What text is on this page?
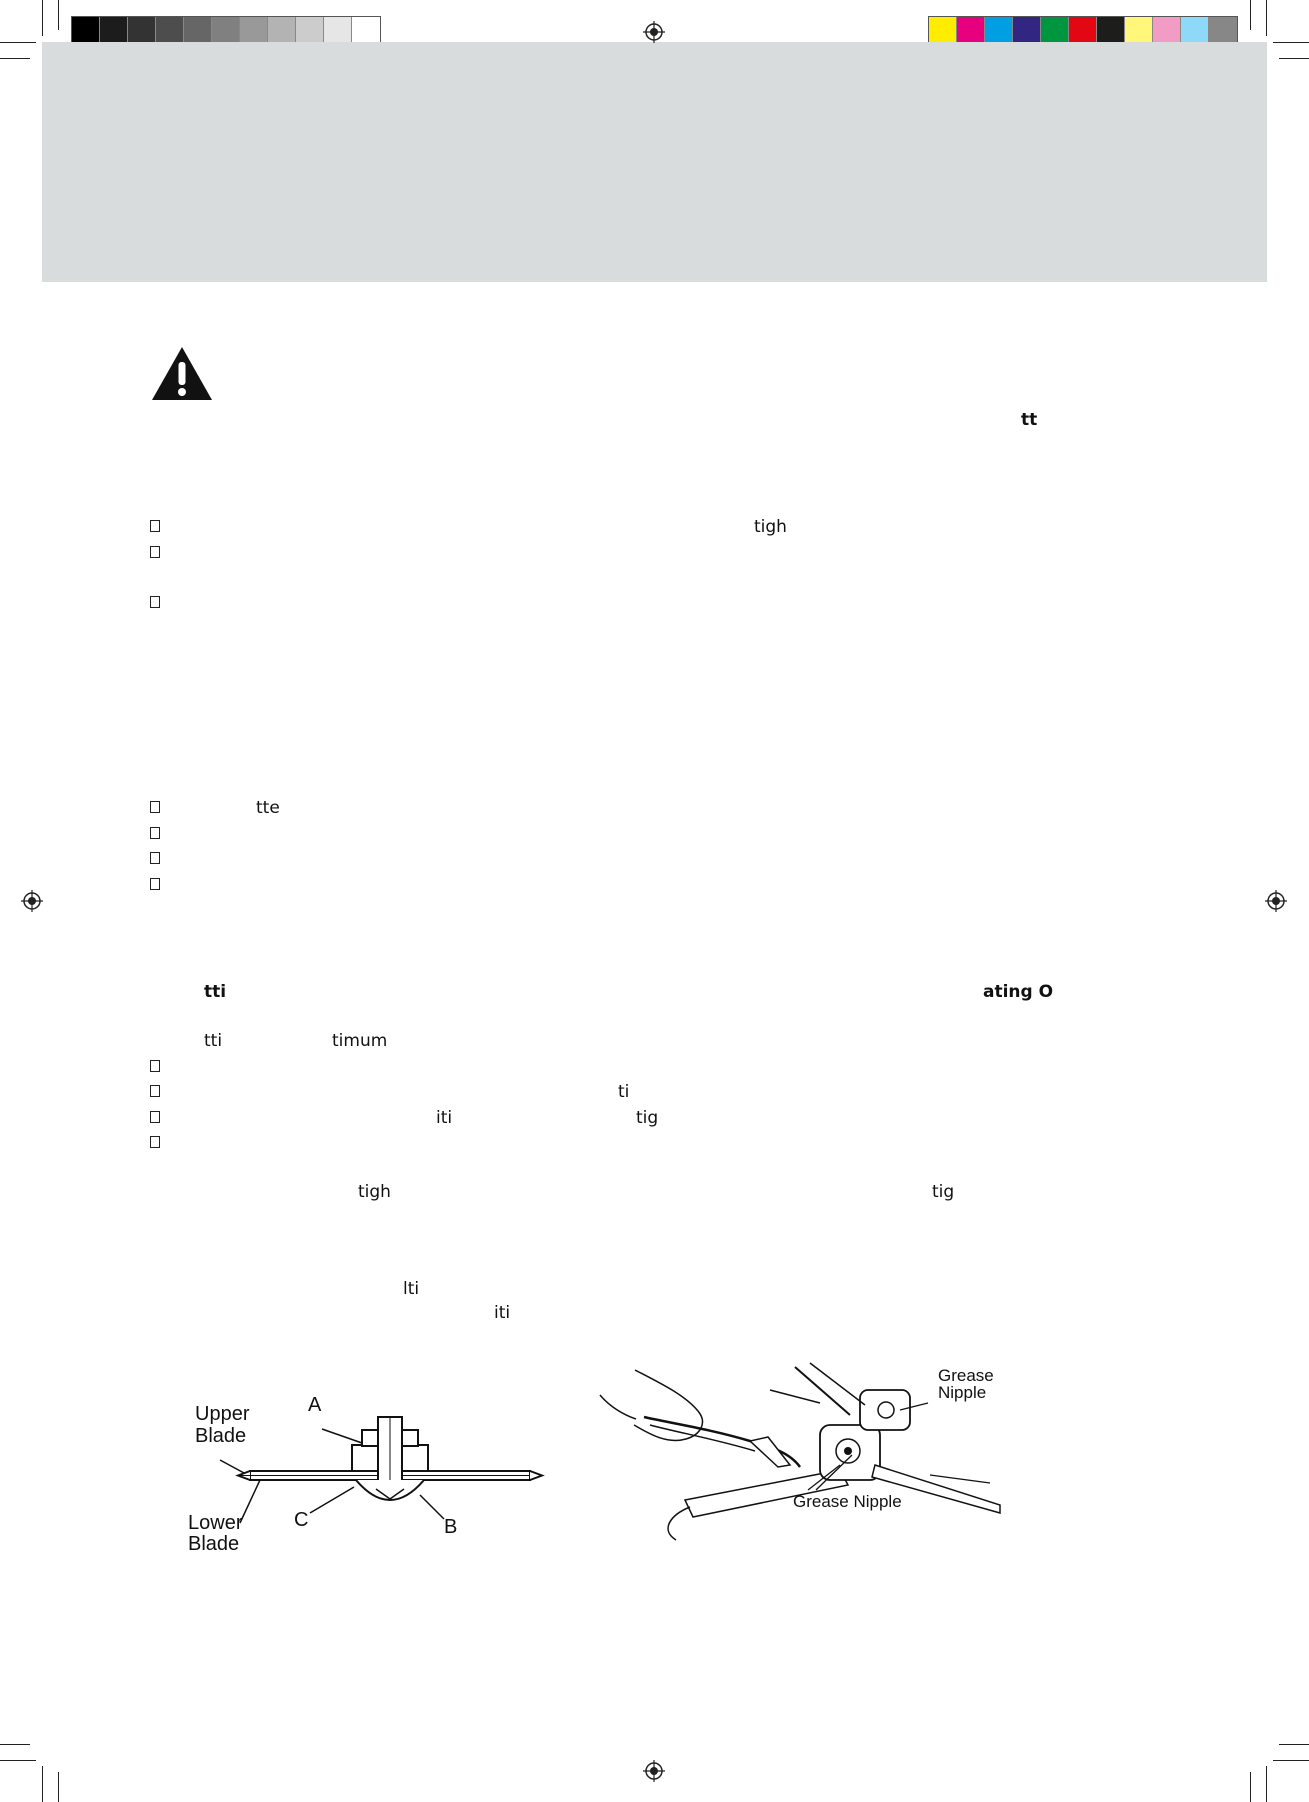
tt
tigh
tte
tti	ating O
tti	timum
ti
iti	tig
tigh	tig
lti
iti
Upper
Blade
Lower
Blade
A
C	B
Grease
Nipple
Grease Nipple
